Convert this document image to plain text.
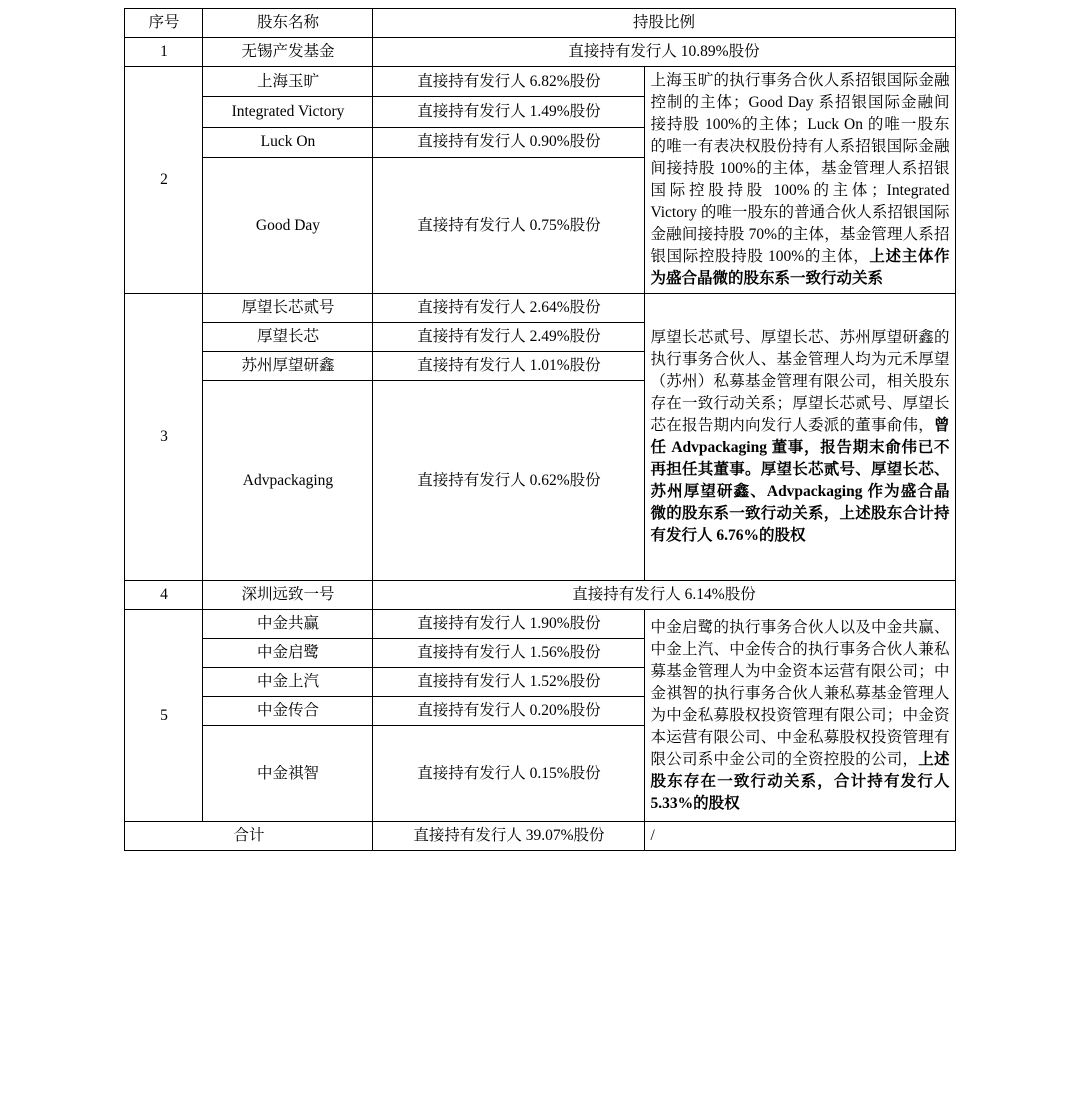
序号	股东名称	持股比例	
1	无锡产发基金	直接持有发行人 10.89%股份	
2	上海玉旷	直接持有发行人 6.82%股份	上海玉旷的执行事务合伙人系招银国际金融控制的主体；Good Day 系招银国际金融间接持股 100%的主体；Luck On 的唯一股东的唯一有表决权股份持有人系招银国际金融间接持股 100%的主体，基金管理人系招银国际控股持股 100%的主体；Integrated Victory 的唯一股东的普通合伙人系招银国际金融间接持股 70%的主体，基金管理人系招银国际控股持股 100%的主体，上述主体作为盛合晶微的股东系一致行动关系
	Integrated Victory	直接持有发行人 1.49%股份	
	Luck On	直接持有发行人 0.90%股份	
	Good Day	直接持有发行人 0.75%股份	
3	厚望长芯贰号	直接持有发行人 2.64%股份	厚望长芯贰号、厚望长芯、苏州厚望研鑫的执行事务合伙人、基金管理人均为元禾厚望（苏州）私募基金管理有限公司，相关股东存在一致行动关系；厚望长芯贰号、厚望长芯在报告期内向发行人委派的董事俞伟，曾任 Advpackaging 董事，报告期末俞伟已不再担任其董事。厚望长芯贰号、厚望长芯、苏州厚望研鑫、Advpackaging 作为盛合晶微的股东系一致行动关系，上述股东合计持有发行人 6.76%的股权
	厚望长芯	直接持有发行人 2.49%股份	
	苏州厚望研鑫	直接持有发行人 1.01%股份	
	Advpackaging	直接持有发行人 0.62%股份	
4	深圳远致一号	直接持有发行人 6.14%股份	
5	中金共赢	直接持有发行人 1.90%股份	中金启鹭的执行事务合伙人以及中金共赢、中金上汽、中金传合的执行事务合伙人兼私募基金管理人为中金资本运营有限公司；中金祺智的执行事务合伙人兼私募基金管理人为中金私募股权投资管理有限公司；中金资本运营有限公司、中金私募股权投资管理有限公司系中金公司的全资控股的公司，上述股东存在一致行动关系，合计持有发行人 5.33%的股权
	中金启鹭	直接持有发行人 1.56%股份	
	中金上汽	直接持有发行人 1.52%股份	
	中金传合	直接持有发行人 0.20%股份	
	中金祺智	直接持有发行人 0.15%股份	
合计		直接持有发行人 39.07%股份	/
